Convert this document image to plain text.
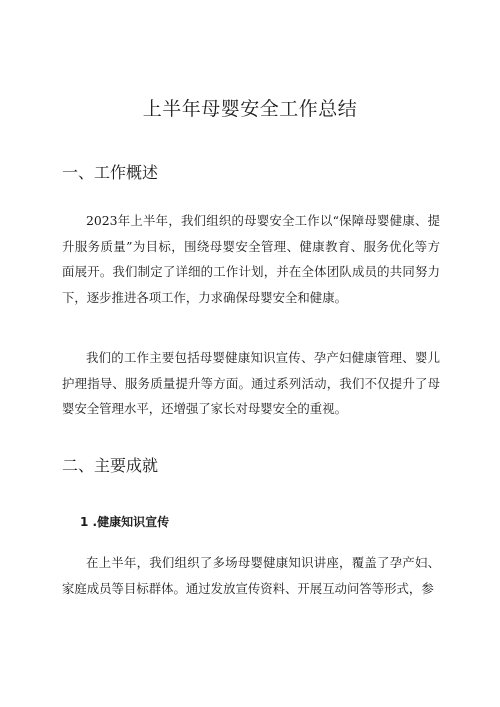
上半年母婴安全工作总结
一、工作概述

2023年上半年，我们组织的母婴安全工作以“保障母婴健康、提升服务质量”为目标，围绕母婴安全管理、健康教育、服务优化等方面展开。我们制定了详细的工作计划，并在全体团队成员的共同努力下，逐步推进各项工作，力求确保母婴安全和健康。

我们的工作主要包括母婴健康知识宣传、孕产妇健康管理、婴儿护理指导、服务质量提升等方面。通过系列活动，我们不仅提升了母婴安全管理水平，还增强了家长对母婴安全的重视。

二、主要成就
1 .健康知识宣传

在上半年，我们组织了多场母婴健康知识讲座，覆盖了孕产妇、家庭成员等目标群体。通过发放宣传资料、开展互动问答等形式，参
